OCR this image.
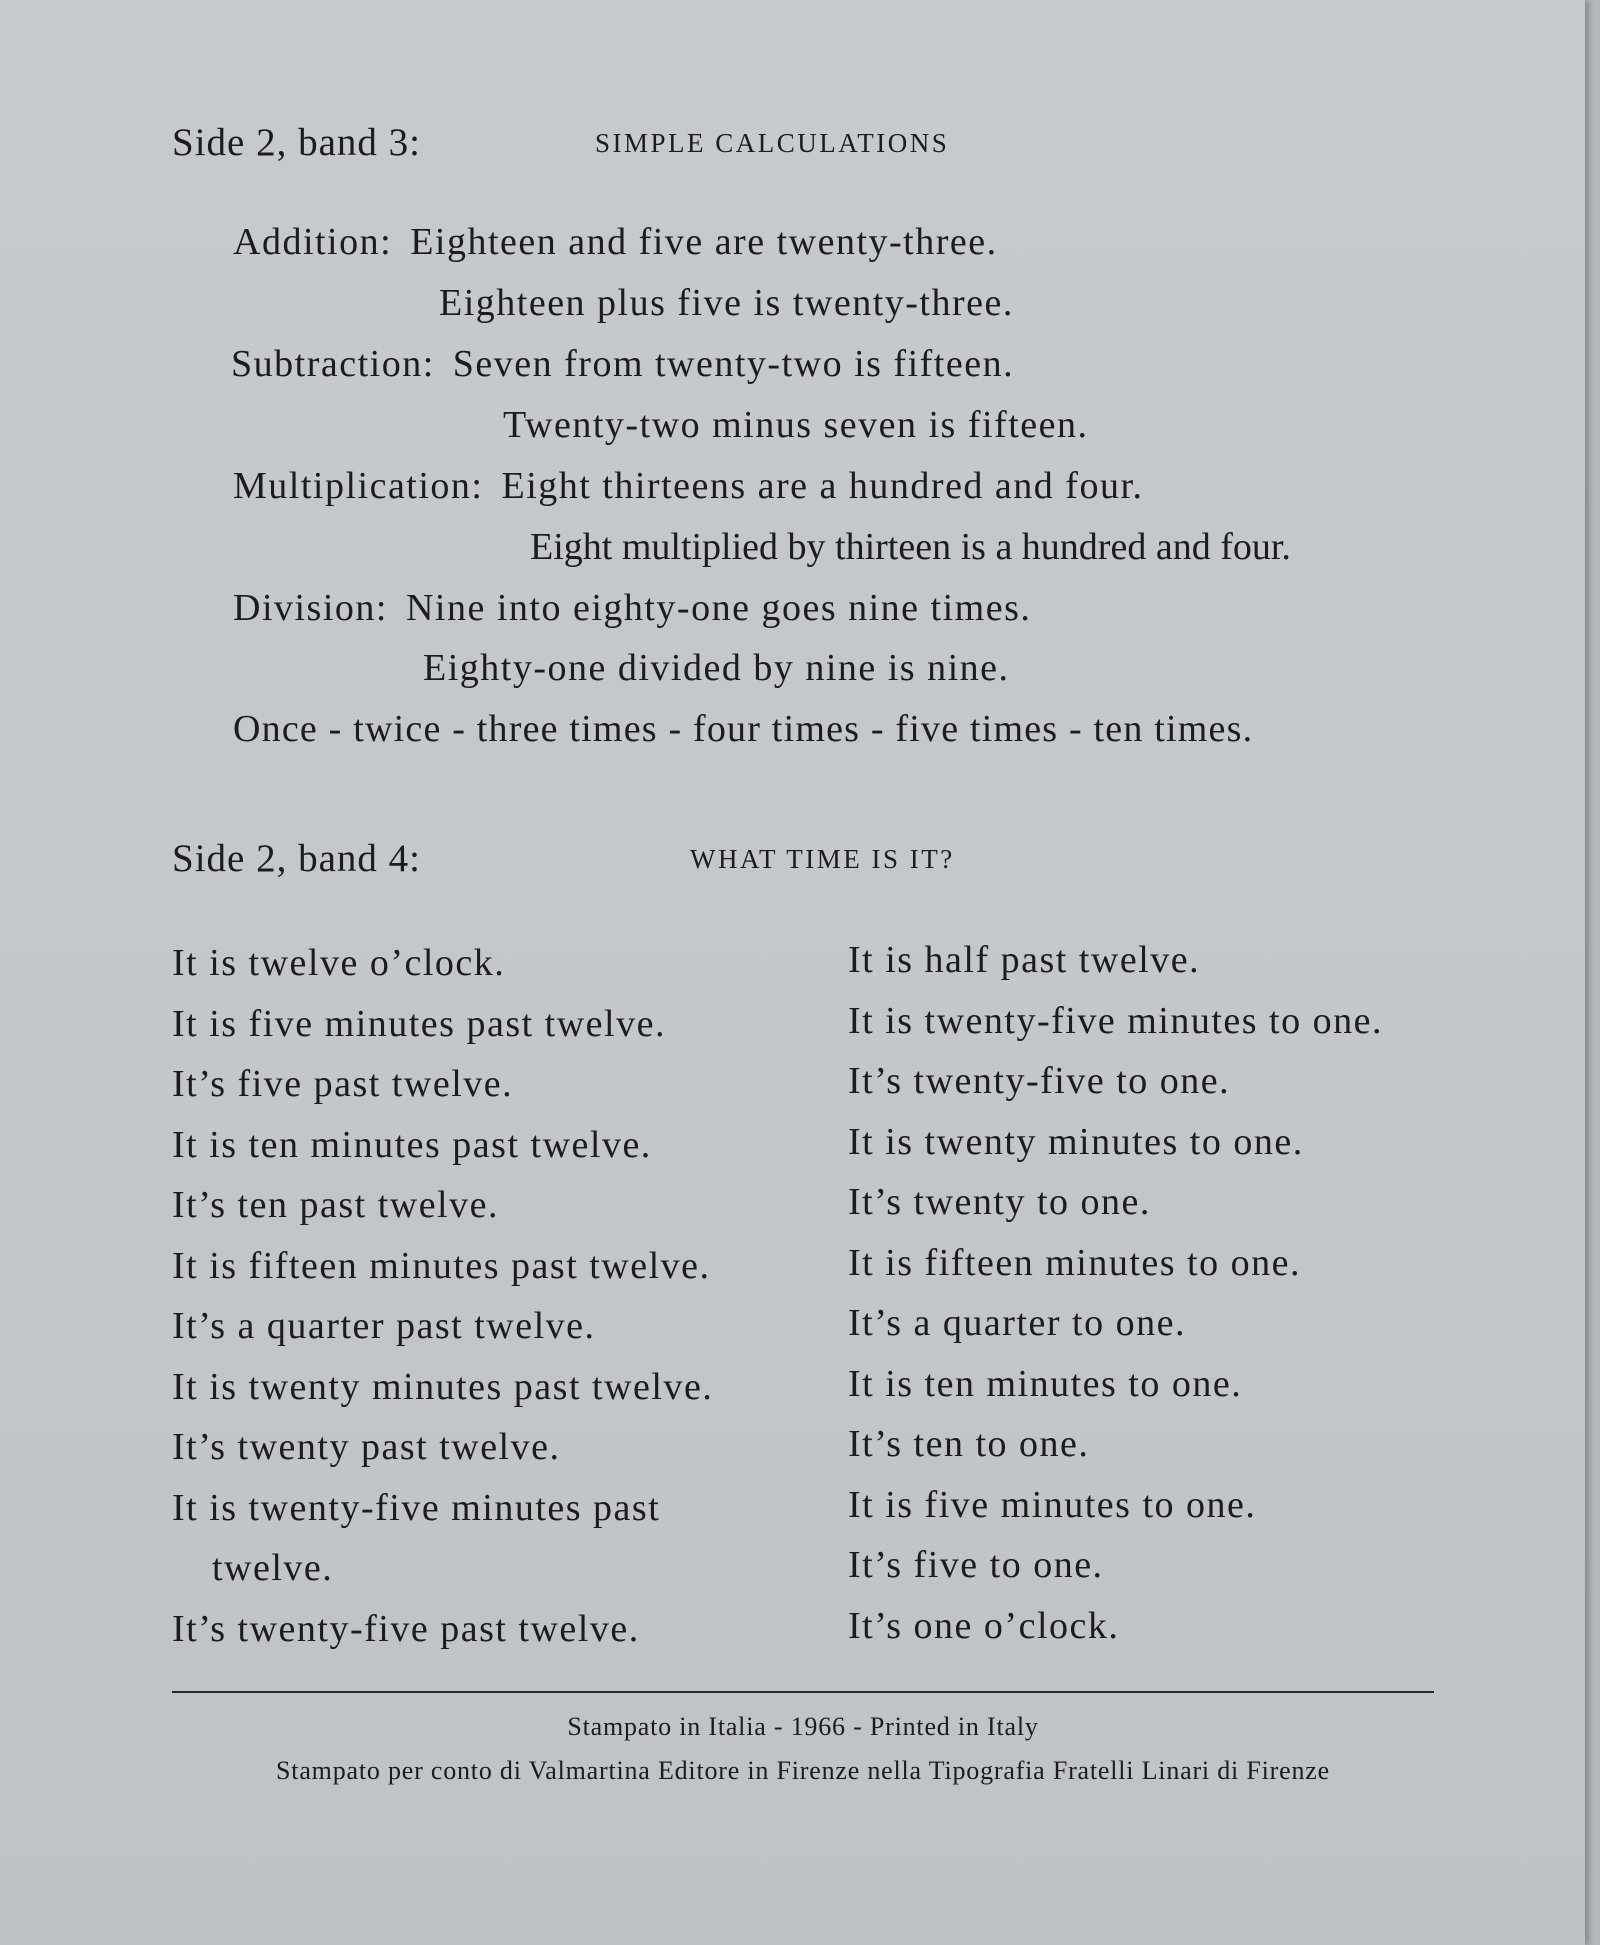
Side 2, band 3:	SIMPLE CALCULATIONS
Addition: Eighteen and five are twenty-three.
Eighteen plus five is twenty-three.
Subtraction: Seven from twenty-two is fifteen.
Twenty-two minus seven is fifteen.
Multiplication: Eight thirteens are a hundred and four.
Eight multiplied by thirteen is a hundred and four.
Division: Nine into eighty-one goes nine times.
Eighty-one divided by nine is nine.
Once - twice - three times - four times - five times - ten times.
Side 2, band 4:	WHAT TIME IS IT?
It is twelve o’clock.
It is five minutes past twelve.
It’s five past twelve.
It is ten minutes past twelve.
It’s ten past twelve.
It is fifteen minutes past twelve.
It’s a quarter past twelve.
It is twenty minutes past twelve.
It’s twenty past twelve.
It is twenty-five minutes past
twelve.
It’s twenty-five past twelve.
It is half past twelve.
It is twenty-five minutes to one.
It’s twenty-five to one.
It is twenty minutes to one.
It’s twenty to one.
It is fifteen minutes to one.
It’s a quarter to one.
It is ten minutes to one.
It’s ten to one.
It is five minutes to one.
It’s five to one.
It’s one o’clock.
Stampato in Italia - 1966 - Printed in Italy
Stampato per conto di Valmartina Editore in Firenze nella Tipografia Fratelli Linari di Firenze
